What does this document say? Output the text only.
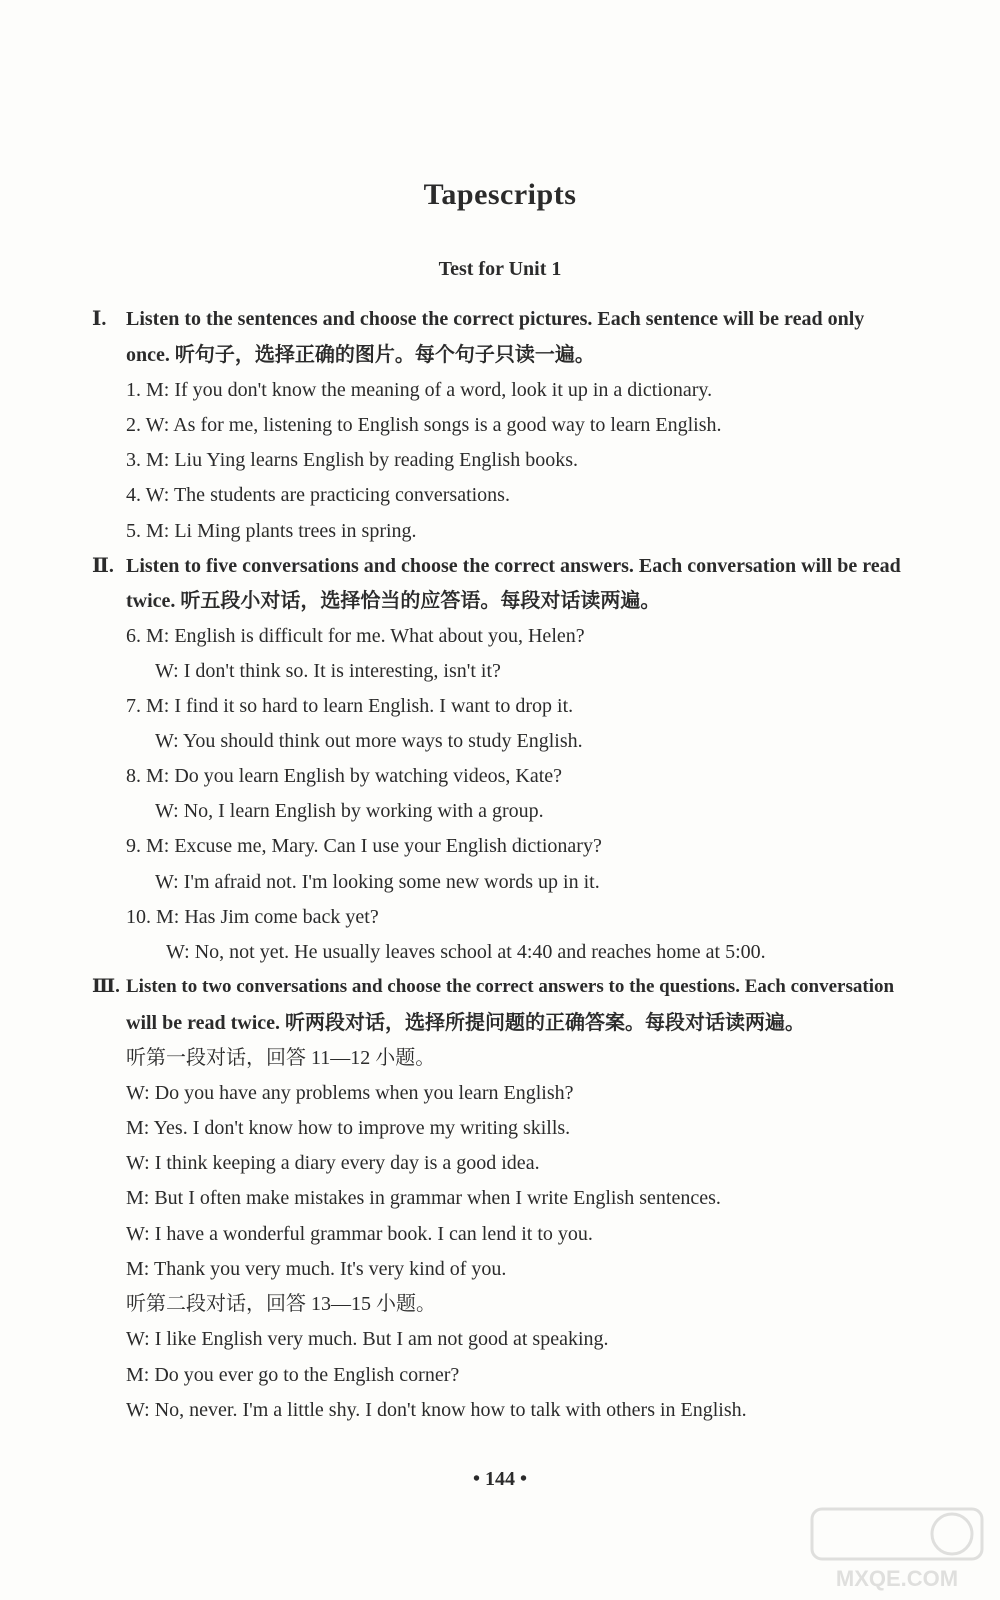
Tapescripts
Test for Unit 1
Ⅰ. Listen to the sentences and choose the correct pictures. Each sentence will be read only
once. 听句子，选择正确的图片。每个句子只读一遍。
1. M: If you don't know the meaning of a word, look it up in a dictionary.
2. W: As for me, listening to English songs is a good way to learn English.
3. M: Liu Ying learns English by reading English books.
4. W: The students are practicing conversations.
5. M: Li Ming plants trees in spring.
Ⅱ. Listen to five conversations and choose the correct answers. Each conversation will be read
twice. 听五段小对话，选择恰当的应答语。每段对话读两遍。
6. M: English is difficult for me. What about you, Helen?
W: I don't think so. It is interesting, isn't it?
7. M: I find it so hard to learn English. I want to drop it.
W: You should think out more ways to study English.
8. M: Do you learn English by watching videos, Kate?
W: No, I learn English by working with a group.
9. M: Excuse me, Mary. Can I use your English dictionary?
W: I'm afraid not. I'm looking some new words up in it.
10. M: Has Jim come back yet?
W: No, not yet. He usually leaves school at 4:40 and reaches home at 5:00.
Ⅲ. Listen to two conversations and choose the correct answers to the questions. Each conversation
will be read twice. 听两段对话，选择所提问题的正确答案。每段对话读两遍。
听第一段对话，回答 11—12 小题。
W: Do you have any problems when you learn English?
M: Yes. I don't know how to improve my writing skills.
W: I think keeping a diary every day is a good idea.
M: But I often make mistakes in grammar when I write English sentences.
W: I have a wonderful grammar book. I can lend it to you.
M: Thank you very much. It's very kind of you.
听第二段对话，回答 13—15 小题。
W: I like English very much. But I am not good at speaking.
M: Do you ever go to the English corner?
W: No, never. I'm a little shy. I don't know how to talk with others in English.
• 144 •
MXQE.COM
